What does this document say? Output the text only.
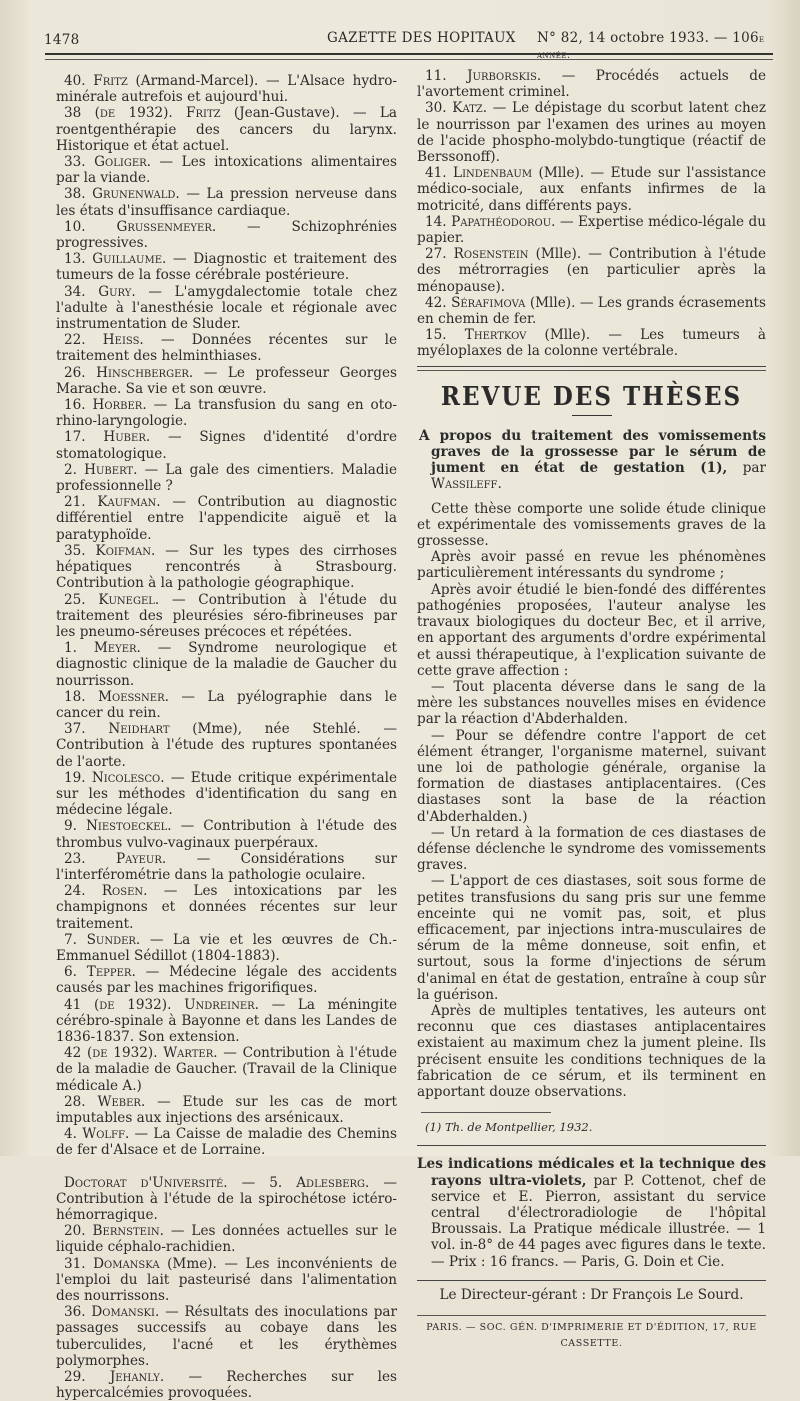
1478	GAZETTE DES HOPITAUX N° 82, 14 octobre 1933. — 106e année.

40. Fritz (Armand-Marcel). — L'Alsace hydro-minérale autrefois et aujourd'hui.

38 (de 1932). Fritz (Jean-Gustave). — La roentgenthérapie des cancers du larynx. Historique et état actuel.

33. Goliger. — Les intoxications alimentaires par la viande.

38. Grunenwald. — La pression nerveuse dans les états d'insuffisance cardiaque.

10. Grussenmeyer. — Schizophrénies progressives.

13. Guillaume. — Diagnostic et traitement des tumeurs de la fosse cérébrale postérieure.

34. Gury. — L'amygdalectomie totale chez l'adulte à l'anesthésie locale et régionale avec instrumentation de Sluder.

22. Heiss. — Données récentes sur le traitement des helminthiases.

26. Hinschberger. — Le professeur Georges Marache. Sa vie et son œuvre.

16. Horber. — La transfusion du sang en oto-rhino-laryngologie.

17. Huber. — Signes d'identité d'ordre stomatologique.

2. Hubert. — La gale des cimentiers. Maladie professionnelle ?

21. Kaufman. — Contribution au diagnostic différentiel entre l'appendicite aiguë et la paratyphoïde.

35. Koifman. — Sur les types des cirrhoses hépatiques rencontrés à Strasbourg. Contribution à la pathologie géographique.

25. Kunegel. — Contribution à l'étude du traitement des pleurésies séro-fibrineuses par les pneumo-séreuses précoces et répétées.

1. Meyer. — Syndrome neurologique et diagnostic clinique de la maladie de Gaucher du nourrisson.

18. Moessner. — La pyélographie dans le cancer du rein.

37. Neidhart (Mme), née Stehlé. — Contribution à l'étude des ruptures spontanées de l'aorte.

19. Nicolesco. — Etude critique expérimentale sur les méthodes d'identification du sang en médecine légale.

9. Niestoeckel. — Contribution à l'étude des thrombus vulvo-vaginaux puerpéraux.

23. Payeur. — Considérations sur l'interférométrie dans la pathologie oculaire.

24. Rosen. — Les intoxications par les champignons et données récentes sur leur traitement.

7. Sunder. — La vie et les œuvres de Ch.-Emmanuel Sédillot (1804-1883).

6. Tepper. — Médecine légale des accidents causés par les machines frigorifiques.

41 (de 1932). Undreiner. — La méningite cérébro-spinale à Bayonne et dans les Landes de 1836-1837. Son extension.

42 (de 1932). Warter. — Contribution à l'étude de la maladie de Gaucher. (Travail de la Clinique médicale A.)

28. Weber. — Etude sur les cas de mort imputables aux injections des arsénicaux.

4. Wolff. — La Caisse de maladie des Chemins de fer d'Alsace et de Lorraine.

Doctorat d'Université. — 5. Adlesberg. — Contribution à l'étude de la spirochétose ictéro-hémorragique.

20. Bernstein. — Les données actuelles sur le liquide céphalo-rachidien.

31. Domanska (Mme). — Les inconvénients de l'emploi du lait pasteurisé dans l'alimentation des nourrissons.

36. Domanski. — Résultats des inoculations par passages successifs au cobaye dans les tuberculides, l'acné et les érythèmes polymorphes.

29. Jehanly. — Recherches sur les hypercalcémies provoquées.

11. Jurborskis. — Procédés actuels de l'avortement criminel.

30. Katz. — Le dépistage du scorbut latent chez le nourrisson par l'examen des urines au moyen de l'acide phospho-molybdo-tungtique (réactif de Berssonoff).

41. Lindenbaum (Mlle). — Etude sur l'assistance médico-sociale, aux enfants infirmes de la motricité, dans différents pays.

14. Papathéodorou. — Expertise médico-légale du papier.

27. Rosenstein (Mlle). — Contribution à l'étude des métrorragies (en particulier après la ménopause).

42. Sérafimova (Mlle). — Les grands écrasements en chemin de fer.

15. Thertkov (Mlle). — Les tumeurs à myéloplaxes de la colonne vertébrale.

REVUE DES THÈSES
A propos du traitement des vomissements graves de la grossesse par le sérum de jument en état de gestation (1), par Wassileff.

Cette thèse comporte une solide étude clinique et expérimentale des vomissements graves de la grossesse.

Après avoir passé en revue les phénomènes particulièrement intéressants du syndrome ;

Après avoir étudié le bien-fondé des différentes pathogénies proposées, l'auteur analyse les travaux biologiques du docteur Bec, et il arrive, en apportant des arguments d'ordre expérimental et aussi thérapeutique, à l'explication suivante de cette grave affection :

— Tout placenta déverse dans le sang de la mère les substances nouvelles mises en évidence par la réaction d'Abderhalden.

— Pour se défendre contre l'apport de cet élément étranger, l'organisme maternel, suivant une loi de pathologie générale, organise la formation de diastases antiplacentaires. (Ces diastases sont la base de la réaction d'Abderhalden.)

— Un retard à la formation de ces diastases de défense déclenche le syndrome des vomissements graves.

— L'apport de ces diastases, soit sous forme de petites transfusions du sang pris sur une femme enceinte qui ne vomit pas, soit, et plus efficacement, par injections intra-musculaires de sérum de la même donneuse, soit enfin, et surtout, sous la forme d'injections de sérum d'animal en état de gestation, entraîne à coup sûr la guérison.

Après de multiples tentatives, les auteurs ont reconnu que ces diastases antiplacentaires existaient au maximum chez la jument pleine. Ils précisent ensuite les conditions techniques de la fabrication de ce sérum, et ils terminent en apportant douze observations.

(1) Th. de Montpellier, 1932.
Les indications médicales et la technique des rayons ultra-violets, par P. Cottenot, chef de service et E. Pierron, assistant du service central d'électroradiologie de l'hôpital Broussais. La Pratique médicale illustrée. — 1 vol. in-8° de 44 pages avec figures dans le texte. — Prix : 16 francs. — Paris, G. Doin et Cie.
Le Directeur-gérant : Dr François Le Sourd.
PARIS. — SOC. GÉN. D'IMPRIMERIE ET D'ÉDITION, 17, RUE CASSETTE.
